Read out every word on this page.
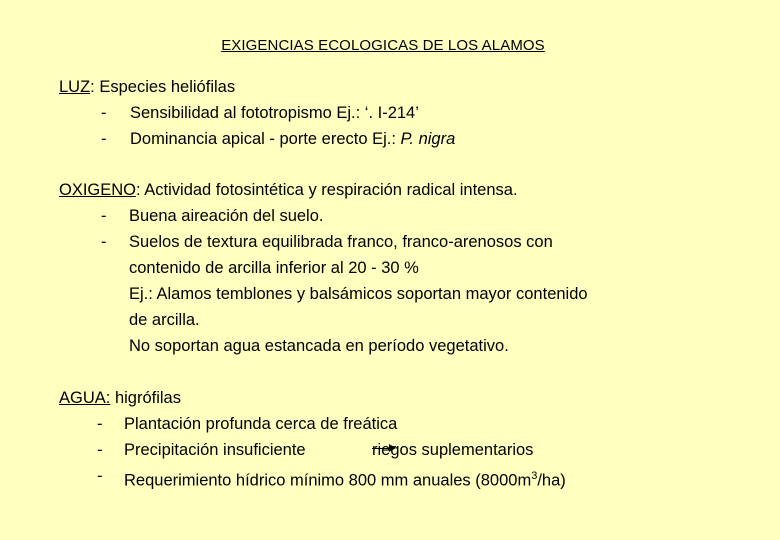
EXIGENCIAS ECOLOGICAS DE LOS ALAMOS
LUZ: Especies heliófilas
- Sensibilidad al fototropismo Ej.: ‘. I-214’
- Dominancia apical - porte erecto Ej.: P. nigra
OXIGENO: Actividad fotosintética y respiración radical intensa.
- Buena aireación del suelo.
- Suelos de textura equilibrada franco, franco-arenosos con
contenido de arcilla inferior al 20 - 30 %
Ej.: Alamos temblones y balsámicos soportan mayor contenido
de arcilla.
No soportan agua estancada en período vegetativo.
AGUA: higrófilas
- Plantación profunda cerca de freática
- Precipitación insuficiente	riegos suplementarios
- Requerimiento hídrico mínimo 800 mm anuales $(8000m^3/ha)$
